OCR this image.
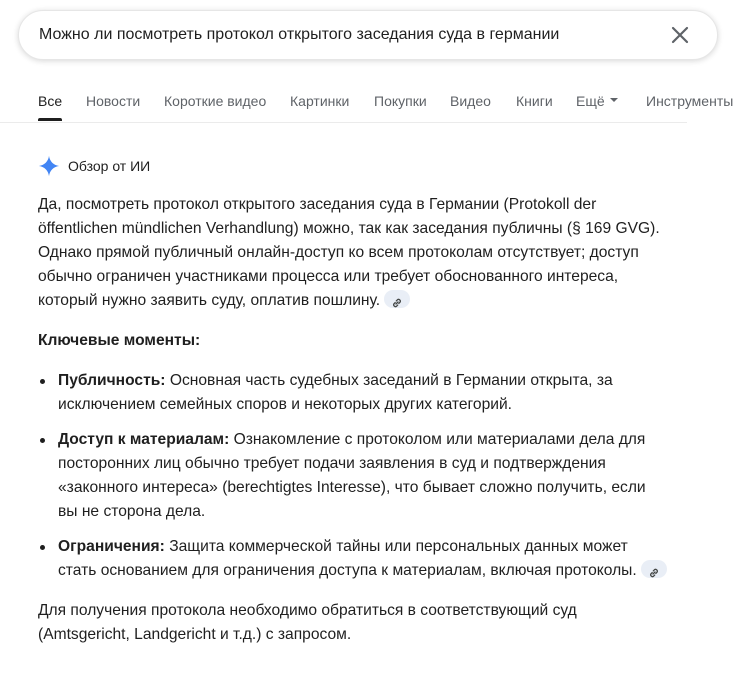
Можно ли посмотреть протокол открытого заседания суда в германии
Все Новости Короткие видео Картинки Покупки Видео Книги Ещё	Инструменты
Обзор от ИИ

Да, посмотреть протокол открытого заседания суда в Германии (Protokoll der öffentlichen mündlichen Verhandlung) можно, так как заседания публичны (§ 169 GVG). Однако прямой публичный онлайн-доступ ко всем протоколам отсутствует; доступ обычно ограничен участниками процесса или требует обоснованного интереса, который нужно заявить суду, оплатив пошлину.

Ключевые моменты:

Публичность: Основная часть судебных заседаний в Германии открыта, за исключением семейных споров и некоторых других категорий.
Доступ к материалам: Ознакомление с протоколом или материалами дела для посторонних лиц обычно требует подачи заявления в суд и подтверждения «законного интереса» (berechtigtes Interesse), что бывает сложно получить, если вы не сторона дела.
Ограничения: Защита коммерческой тайны или персональных данных может стать основанием для ограничения доступа к материалам, включая протоколы.

Для получения протокола необходимо обратиться в соответствующий суд (Amtsgericht, Landgericht и т.д.) с запросом.
